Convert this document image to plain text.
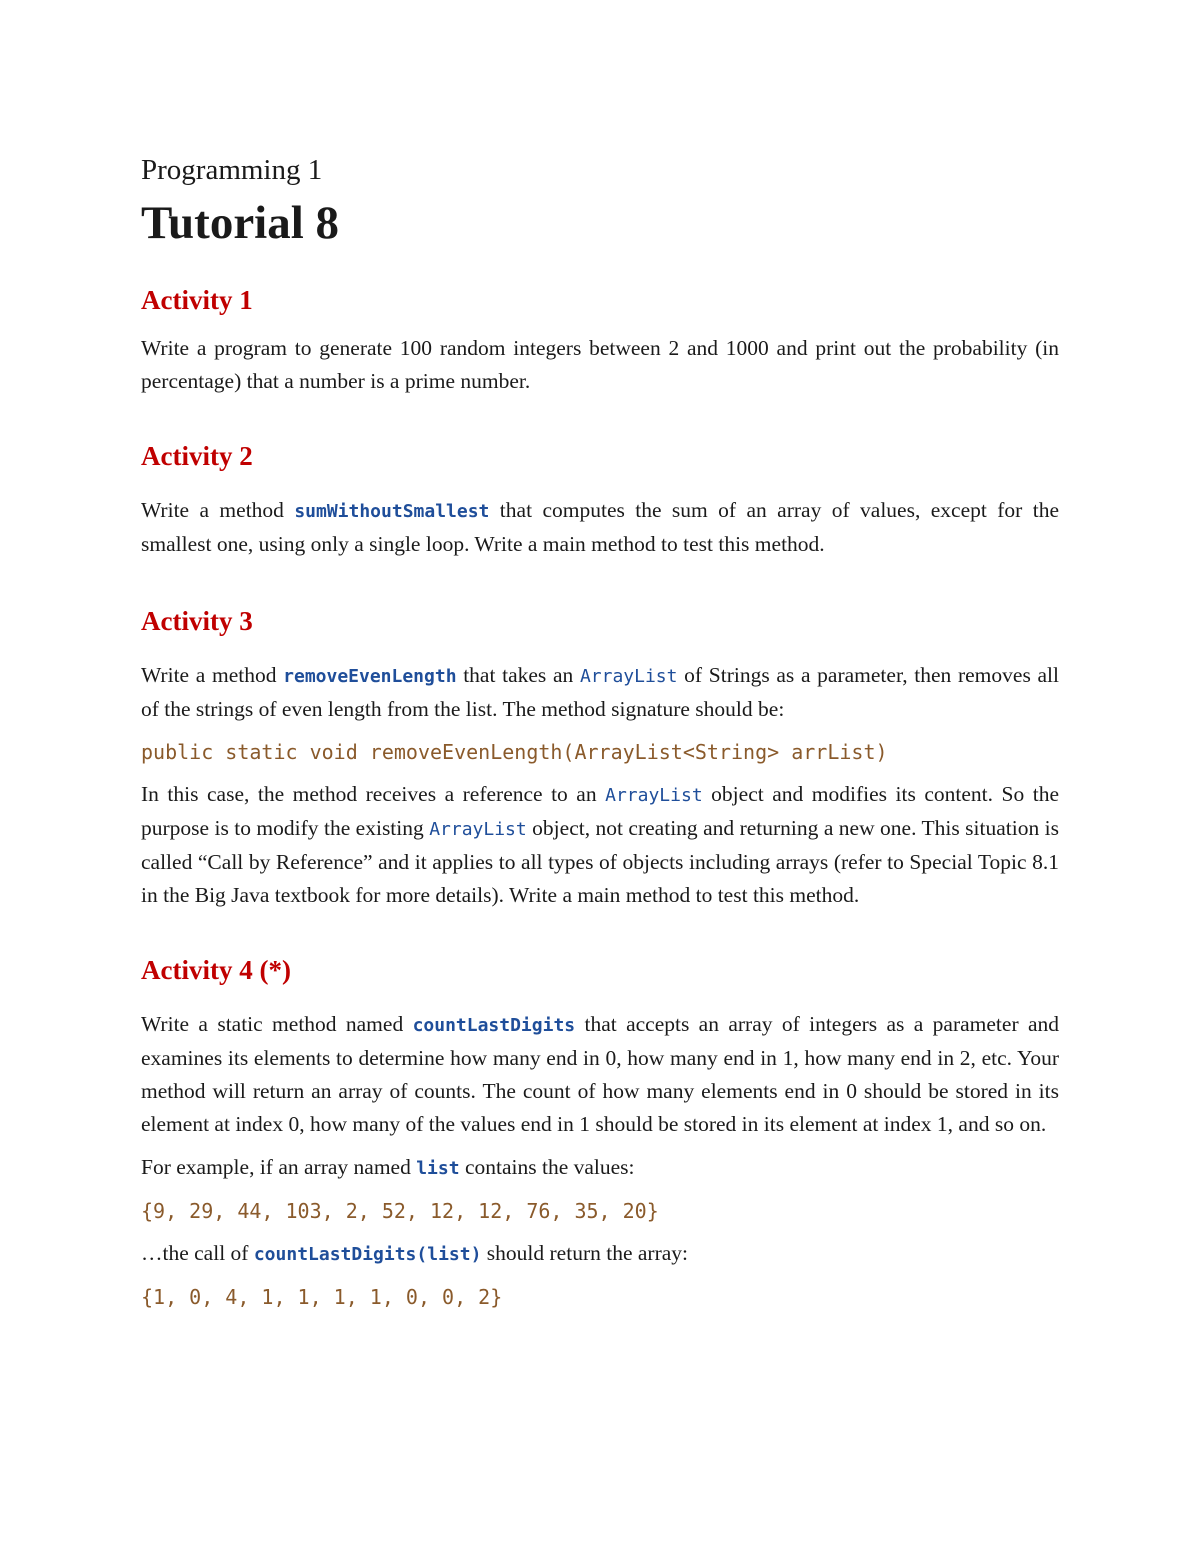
Programming 1

Tutorial 8
Activity 1

Write a program to generate 100 random integers between 2 and 1000 and print out the probability (in percentage) that a number is a prime number.

Activity 2

Write a method sumWithoutSmallest that computes the sum of an array of values, except for the smallest one, using only a single loop. Write a main method to test this method.

Activity 3

Write a method removeEvenLength that takes an ArrayList of Strings as a parameter, then removes all of the strings of even length from the list. The method signature should be:

public static void removeEvenLength(ArrayList<String> arrList)

In this case, the method receives a reference to an ArrayList object and modifies its content. So the purpose is to modify the existing ArrayList object, not creating and returning a new one. This situation is called “Call by Reference” and it applies to all types of objects including arrays (refer to Special Topic 8.1 in the Big Java textbook for more details). Write a main method to test this method.

Activity 4 (*)

Write a static method named countLastDigits that accepts an array of integers as a parameter and examines its elements to determine how many end in 0, how many end in 1, how many end in 2, etc. Your method will return an array of counts. The count of how many elements end in 0 should be stored in its element at index 0, how many of the values end in 1 should be stored in its element at index 1, and so on.

For example, if an array named list contains the values:

{9, 29, 44, 103, 2, 52, 12, 12, 76, 35, 20}

…the call of countLastDigits(list) should return the array:

{1, 0, 4, 1, 1, 1, 1, 0, 0, 2}
